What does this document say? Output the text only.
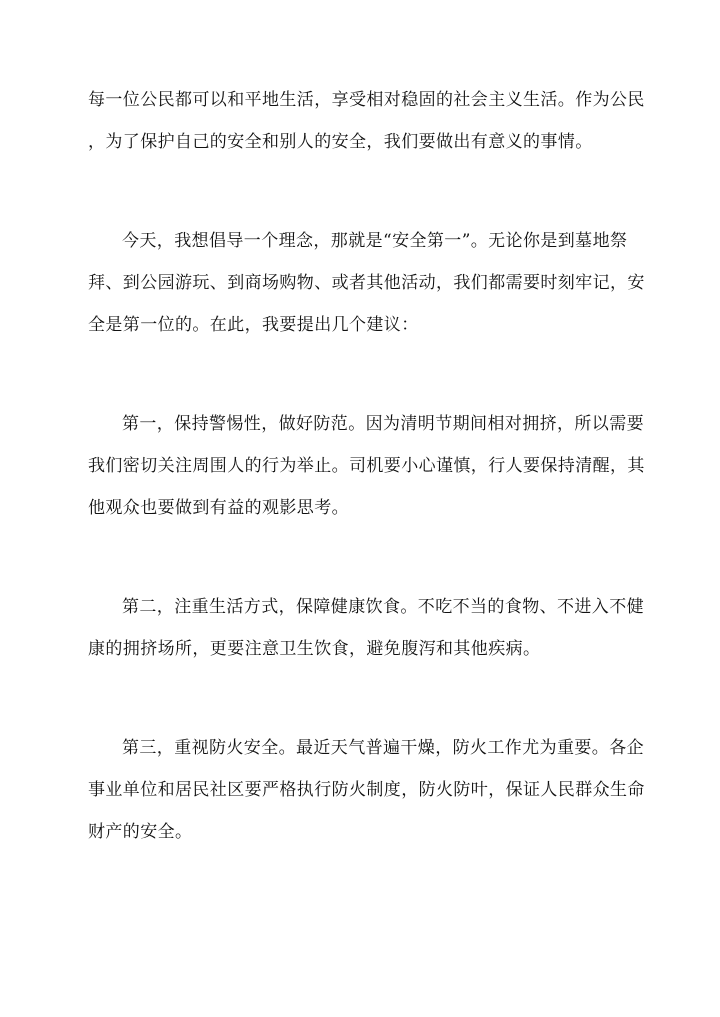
每一位公民都可以和平地生活，享受相对稳固的社会主义生活。作为公民
，为了保护自己的安全和别人的安全，我们要做出有意义的事情。
今天，我想倡导一个理念，那就是“安全第一”。无论你是到墓地祭
拜、到公园游玩、到商场购物、或者其他活动，我们都需要时刻牢记，安
全是第一位的。在此，我要提出几个建议：
第一，保持警惕性，做好防范。因为清明节期间相对拥挤，所以需要
我们密切关注周围人的行为举止。司机要小心谨慎，行人要保持清醒，其
他观众也要做到有益的观影思考。
第二，注重生活方式，保障健康饮食。不吃不当的食物、不进入不健
康的拥挤场所，更要注意卫生饮食，避免腹泻和其他疾病。
第三，重视防火安全。最近天气普遍干燥，防火工作尤为重要。各企
事业单位和居民社区要严格执行防火制度，防火防叶，保证人民群众生命
财产的安全。
